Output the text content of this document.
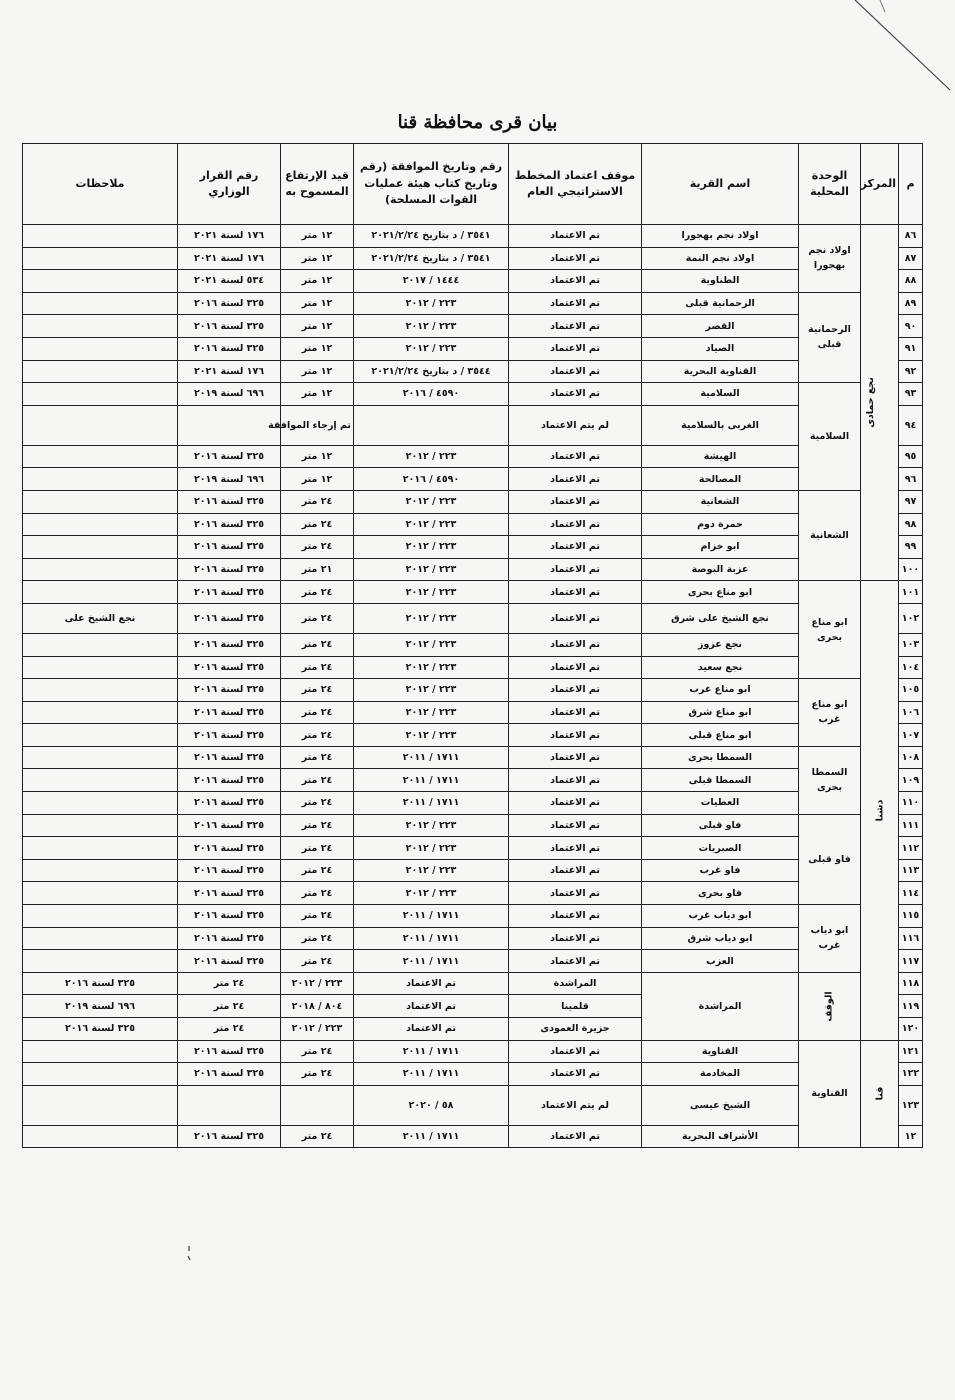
بيان قرى محافظة قنا
م	المركز	الوحدة المحلية	اسم القرية	موقف اعتماد المخطط الاستراتيجي العام	رقم وتاريخ الموافقة (رقم وتاريخ كتاب هيئة عمليات القوات المسلحة)	قيد الإرتفاع المسموح به	رقم القرار الوزاري	ملاحظات	
٨٦	نجع حمادى	اولاد نجم بهجورا	اولاد نجم بهجورا	تم الاعتماد	٣٥٤١ / د بتاريخ ٢٠٢١/٢/٢٤	١٢ متر	١٧٦ لسنة ٢٠٢١		
٨٧			اولاد نجم النمة	تم الاعتماد	٣٥٤١ / د بتاريخ ٢٠٢١/٢/٢٤	١٢ متر	١٧٦ لسنة ٢٠٢١		
٨٨			الطناوية	تم الاعتماد	١٤٤٤ / ٢٠١٧	١٢ متر	٥٣٤ لسنة ٢٠٢١		
٨٩		الرحمانية قبلى	الرحمانية قبلى	تم الاعتماد	٢٢٣ / ٢٠١٢	١٢ متر	٣٢٥ لسنة ٢٠١٦		
٩٠			القصر	تم الاعتماد	٢٢٣ / ٢٠١٢	١٢ متر	٣٢٥ لسنة ٢٠١٦		
٩١			الصياد	تم الاعتماد	٢٢٣ / ٢٠١٢	١٢ متر	٣٢٥ لسنة ٢٠١٦		
٩٢			القناوية البحرية	تم الاعتماد	٣٥٤٤ / د بتاريخ ٢٠٢١/٢/٢٤	١٢ متر	١٧٦ لسنة ٢٠٢١		
٩٣		السلامية	السلامية	تم الاعتماد	٤٥٩٠ / ٢٠١٦	١٢ متر	٦٩٦ لسنة ٢٠١٩		
٩٤			الغربى بالسلامية	لم يتم الاعتماد		تم إرجاء الموافقة			
٩٥			الهيشة	تم الاعتماد	٢٢٣ / ٢٠١٢	١٢ متر	٣٢٥ لسنة ٢٠١٦		
٩٦			المصالحة	تم الاعتماد	٤٥٩٠ / ٢٠١٦	١٢ متر	٦٩٦ لسنة ٢٠١٩		
٩٧		الشعانية	الشعانية	تم الاعتماد	٢٢٣ / ٢٠١٢	٢٤ متر	٣٢٥ لسنة ٢٠١٦		
٩٨			حمرة دوم	تم الاعتماد	٢٢٣ / ٢٠١٢	٢٤ متر	٣٢٥ لسنة ٢٠١٦		
٩٩			ابو خزام	تم الاعتماد	٢٢٣ / ٢٠١٢	٢٤ متر	٣٢٥ لسنة ٢٠١٦		
١٠٠			عزبة البوصة	تم الاعتماد	٢٢٣ / ٢٠١٢	٢١ متر	٣٢٥ لسنة ٢٠١٦		
١٠١	دشنا	ابو مناع بحرى	ابو مناع بحرى	تم الاعتماد	٢٢٣ / ٢٠١٢	٢٤ متر	٣٢٥ لسنة ٢٠١٦		
١٠٢			نجع الشيخ على شرق	تم الاعتماد	٢٢٣ / ٢٠١٢	٢٤ متر	٣٢٥ لسنة ٢٠١٦	نجع الشيخ على	
١٠٣			نجع عزوز	تم الاعتماد	٢٢٣ / ٢٠١٢	٢٤ متر	٣٢٥ لسنة ٢٠١٦		
١٠٤			نجع سعيد	تم الاعتماد	٢٢٣ / ٢٠١٢	٢٤ متر	٣٢٥ لسنة ٢٠١٦		
١٠٥		ابو مناع غرب	ابو مناع غرب	تم الاعتماد	٢٢٣ / ٢٠١٢	٢٤ متر	٣٢٥ لسنة ٢٠١٦		
١٠٦			ابو مناع شرق	تم الاعتماد	٢٢٣ / ٢٠١٢	٢٤ متر	٣٢٥ لسنة ٢٠١٦		
١٠٧			ابو مناع قبلى	تم الاعتماد	٢٢٣ / ٢٠١٢	٢٤ متر	٣٢٥ لسنة ٢٠١٦		
١٠٨		السمطا بحرى	السمطا بحرى	تم الاعتماد	١٧١١ / ٢٠١١	٢٤ متر	٣٢٥ لسنة ٢٠١٦		
١٠٩			السمطا قبلى	تم الاعتماد	١٧١١ / ٢٠١١	٢٤ متر	٣٢٥ لسنة ٢٠١٦		
١١٠			العطيات	تم الاعتماد	١٧١١ / ٢٠١١	٢٤ متر	٣٢٥ لسنة ٢٠١٦		
١١١		فاو قبلى	فاو قبلى	تم الاعتماد	٢٢٣ / ٢٠١٢	٢٤ متر	٣٢٥ لسنة ٢٠١٦		
١١٢			الصبريات	تم الاعتماد	٢٢٣ / ٢٠١٢	٢٤ متر	٣٢٥ لسنة ٢٠١٦		
١١٣			فاو غرب	تم الاعتماد	٢٢٣ / ٢٠١٢	٢٤ متر	٣٢٥ لسنة ٢٠١٦		
١١٤			فاو بحرى	تم الاعتماد	٢٢٣ / ٢٠١٢	٢٤ متر	٣٢٥ لسنة ٢٠١٦		
١١٥		ابو دياب غرب	ابو دياب غرب	تم الاعتماد	١٧١١ / ٢٠١١	٢٤ متر	٣٢٥ لسنة ٢٠١٦		
١١٦			ابو دياب شرق	تم الاعتماد	١٧١١ / ٢٠١١	٢٤ متر	٣٢٥ لسنة ٢٠١٦		
١١٧			العزب	تم الاعتماد	١٧١١ / ٢٠١١	٢٤ متر	٣٢٥ لسنة ٢٠١٦		
١١٨		الوقف	المراشدة	المراشدة	تم الاعتماد	٢٢٣ / ٢٠١٢	٢٤ متر	٣٢٥ لسنة ٢٠١٦	
١١٩				قلمينا	تم الاعتماد	٨٠٤ / ٢٠١٨	٢٤ متر	٦٩٦ لسنة ٢٠١٩	
١٢٠				جزيرة العمودى	تم الاعتماد	٢٢٣ / ٢٠١٢	٢٤ متر	٣٢٥ لسنة ٢٠١٦	
١٢١	قنا	القناوية	القناوية	تم الاعتماد	١٧١١ / ٢٠١١	٢٤ متر	٣٢٥ لسنة ٢٠١٦		
١٢٢			المخادمة	تم الاعتماد	١٧١١ / ٢٠١١	٢٤ متر	٣٢٥ لسنة ٢٠١٦		
١٢٣			الشيخ عيسى	لم يتم الاعتماد	٥٨ / ٢٠٢٠				
١٢			الأشراف البحرية	تم الاعتماد	١٧١١ / ٢٠١١	٢٤ متر	٣٢٥ لسنة ٢٠١٦		
